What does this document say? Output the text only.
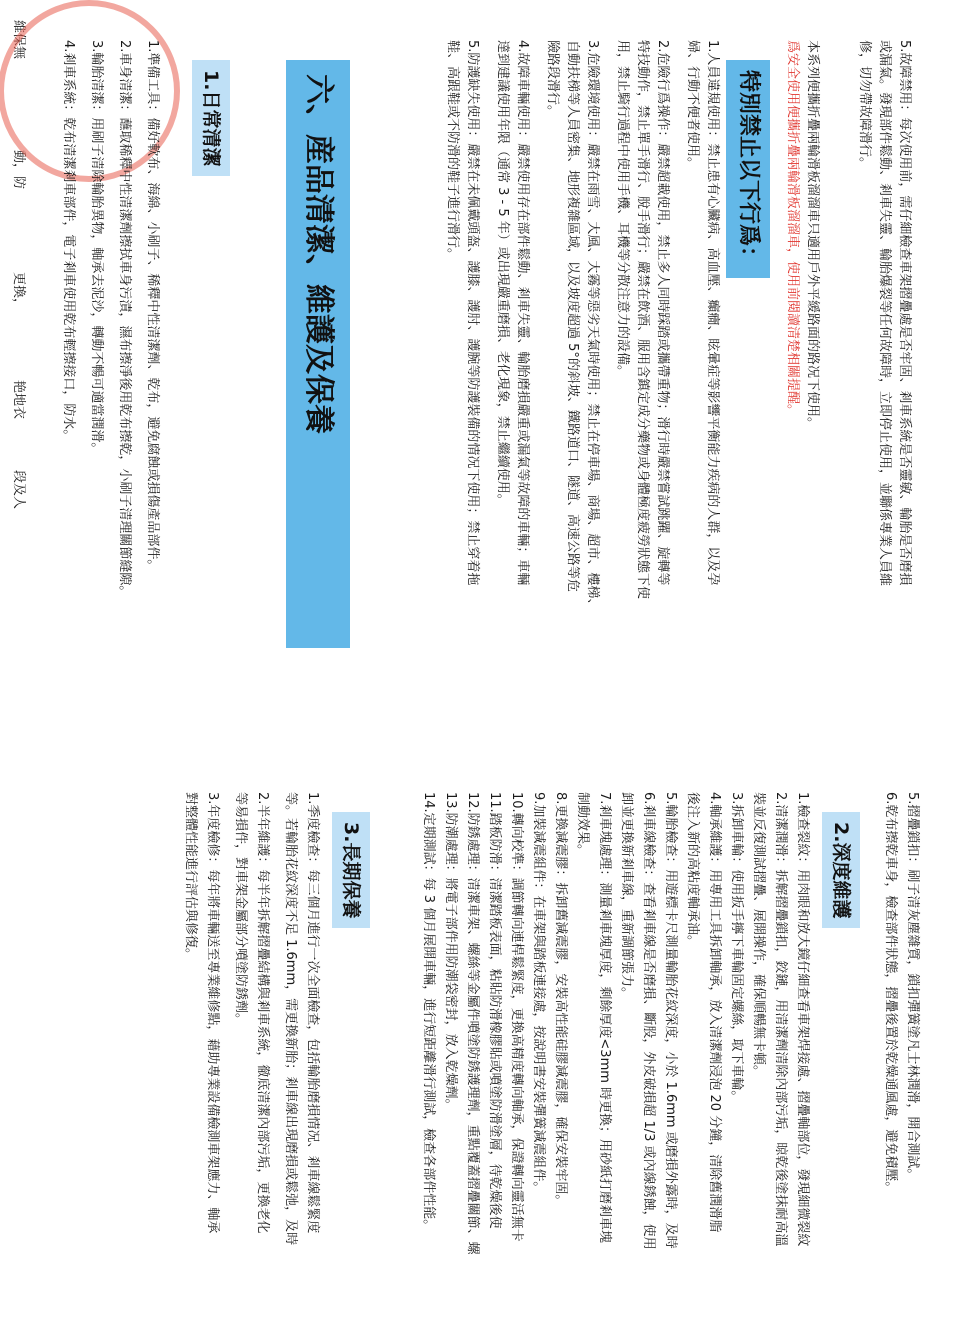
維保無
動，防
更換，
艳地衣
段及人	5.故障禁用：每次使用前，需仔細檢查車架摺疊處是否牢固、剎車系統是否靈敏、輪胎是否磨損
或漏氣。發現部件鬆動、剎車失靈、輪胎爆裂等任何故障時，立即停止使用，並聯係專業人員維
修，切勿帶故障滑行。
特別禁止以下行爲：	本系列便攜折疊兩輪滑板溜溜車只適用戶外平緩路面的路况下使用。
爲安全使用便攜折疊兩輪滑板溜溜車，使用前閱讀清楚相關提醒。
1.人員違規使用：禁止患有心臟病、高血壓、癲癇、眩暈症等影響平衡能力疾病的人群，以及孕
婦、行動不便者使用。
2.危險行爲操作：嚴禁超載使用，禁止多人同時踩踏或攜帶重物；滑行時嚴禁嘗試跳躍、旋轉等
特技動作，禁止單手滑行、脫手滑行；嚴禁在飲酒、服用含鎮定成分藥物或身體極度疲勞狀態下使
用，禁止騎行過程中使用手機、耳機等分散注意力的設備。
3.危險環境使用：嚴禁在雨雪、大風、大霧等惡劣天氣時使用；禁止在停車場、商場、超市、樓梯、
自動扶梯等人員密集、地形複雜區域，以及坡度超過 5°的斜坡、鐵路道口、隧道、高速公路等危
險路段滑行。
4.故障車輛使用：嚴禁使用存在部件鬆動、剎車失靈、輪胎磨損嚴重或漏氣等故障的車輛；車輛
達到建議使用年限（通常 3 - 5 年）或出現嚴重磨損、老化現象，禁止繼續使用。
5.防護缺失使用：嚴禁在未佩戴頭盔、護膝、護肘、護腕等防護裝備的情况下使用；禁止穿着拖
鞋、高跟鞋或不防滑的鞋子進行滑行。
六、産品清潔、維護及保養
1.日常清潔
1.準備工具：備好軟布、海綿、小刷子、稀釋中性清潔劑、乾布，避免腐蝕或損傷產品部件。
2.車身清潔：蘸取稀釋中性清潔劑擦拭車身污漬，濕布擦淨後用乾布擦乾，小刷子清理關節縫隙。
3.輪胎清潔：用刷子清除輪胎異物，軸承去泥沙，轉動不暢可適當潤滑。
4.剎車系統：乾布清潔剎車部件，電子剎車使用乾布輕擦接口，防水。
5.摺疊鎖扣：刷子清灰塵雜質，鎖扣彈簧塗凡士林潤滑，開合測試。
6.乾布擦乾車身，檢查部件狀態，摺疊後置於乾燥通風處，避免積壓。
2.深度維護
1.檢查裂紋：用肉眼和放大鏡仔細查看車架焊接處、摺疊軸部位，發現細微裂紋
2.清潔潤滑：拆解摺疊鎖扣，鉸鏈，用清潔劑清除內部污垢，晾乾後塗抹耐高溫
裝並反復測試摺疊、展開操作，確保順暢無卡頓。
3.拆卸車輪：使用扳手擰下車輪固定螺絲，取下車輪。
4.軸承維護：用專用工具拆卸軸承，放入清潔劑浸泡 20 分鐘，清除舊潤滑脂
後注入新的高粘度軸承油。
5.輪胎檢查：用遊標卡尺測量輪胎花紋深度，小於 1.6mm 或磨損外露時，及時
6.剎車線檢查：查看剎車線是否磨損、斷股，外皮破損超 1/3 或內線銹蝕，使用
卸並更換新剎車線，重新調節張力。
7.剎車塊處理：測量剎車塊厚度，剩餘厚度<3mm 時更換；用砂紙打磨剎車塊
制動效果。
8.更換減震膠：拆卸舊減震膠，安裝高性能硅膠減震膠，確保安裝牢固。
9.加裝減震組件：在車架與踏板連接處，按說明書安裝彈簧減震組件。
10.轉向校準：調節轉向連桿鬆緊度，更換高精度轉向軸承，保證轉向靈活無卡
11.踏板防滑：清潔踏板表面，粘貼防滑橡膠貼或噴塗防滑塗層，待乾燥後使
12.防銹處理：清潔車架、螺絲等金屬件噴塗防銹護理劑，重點覆蓋摺疊關節、螺
13.防潮處理：將電子部件用防潮袋密封，放入乾燥劑。
14.定期測試：每 3 個月展開車輛，進行短距離滑行測試，檢查各部件性能。
3.長期保養
1.季度檢查：每三個月進行一次全面檢查，包括輪胎磨損情况、剎車線鬆緊度
等。若輪胎花紋深度不足 1.6mm，需更換新胎；剎車線出現磨損或鬆弛，及時
2.半年維護：每半年拆解摺疊結構與剎車系統，徹底清潔內部污垢，更換老化
等易損件，對車架金屬部分噴塗防銹劑。
3.年度檢修：每年將車輛送至專業維修點，藉助專業設備檢測車架應力、軸承
對整體性能進行評估與修復。
